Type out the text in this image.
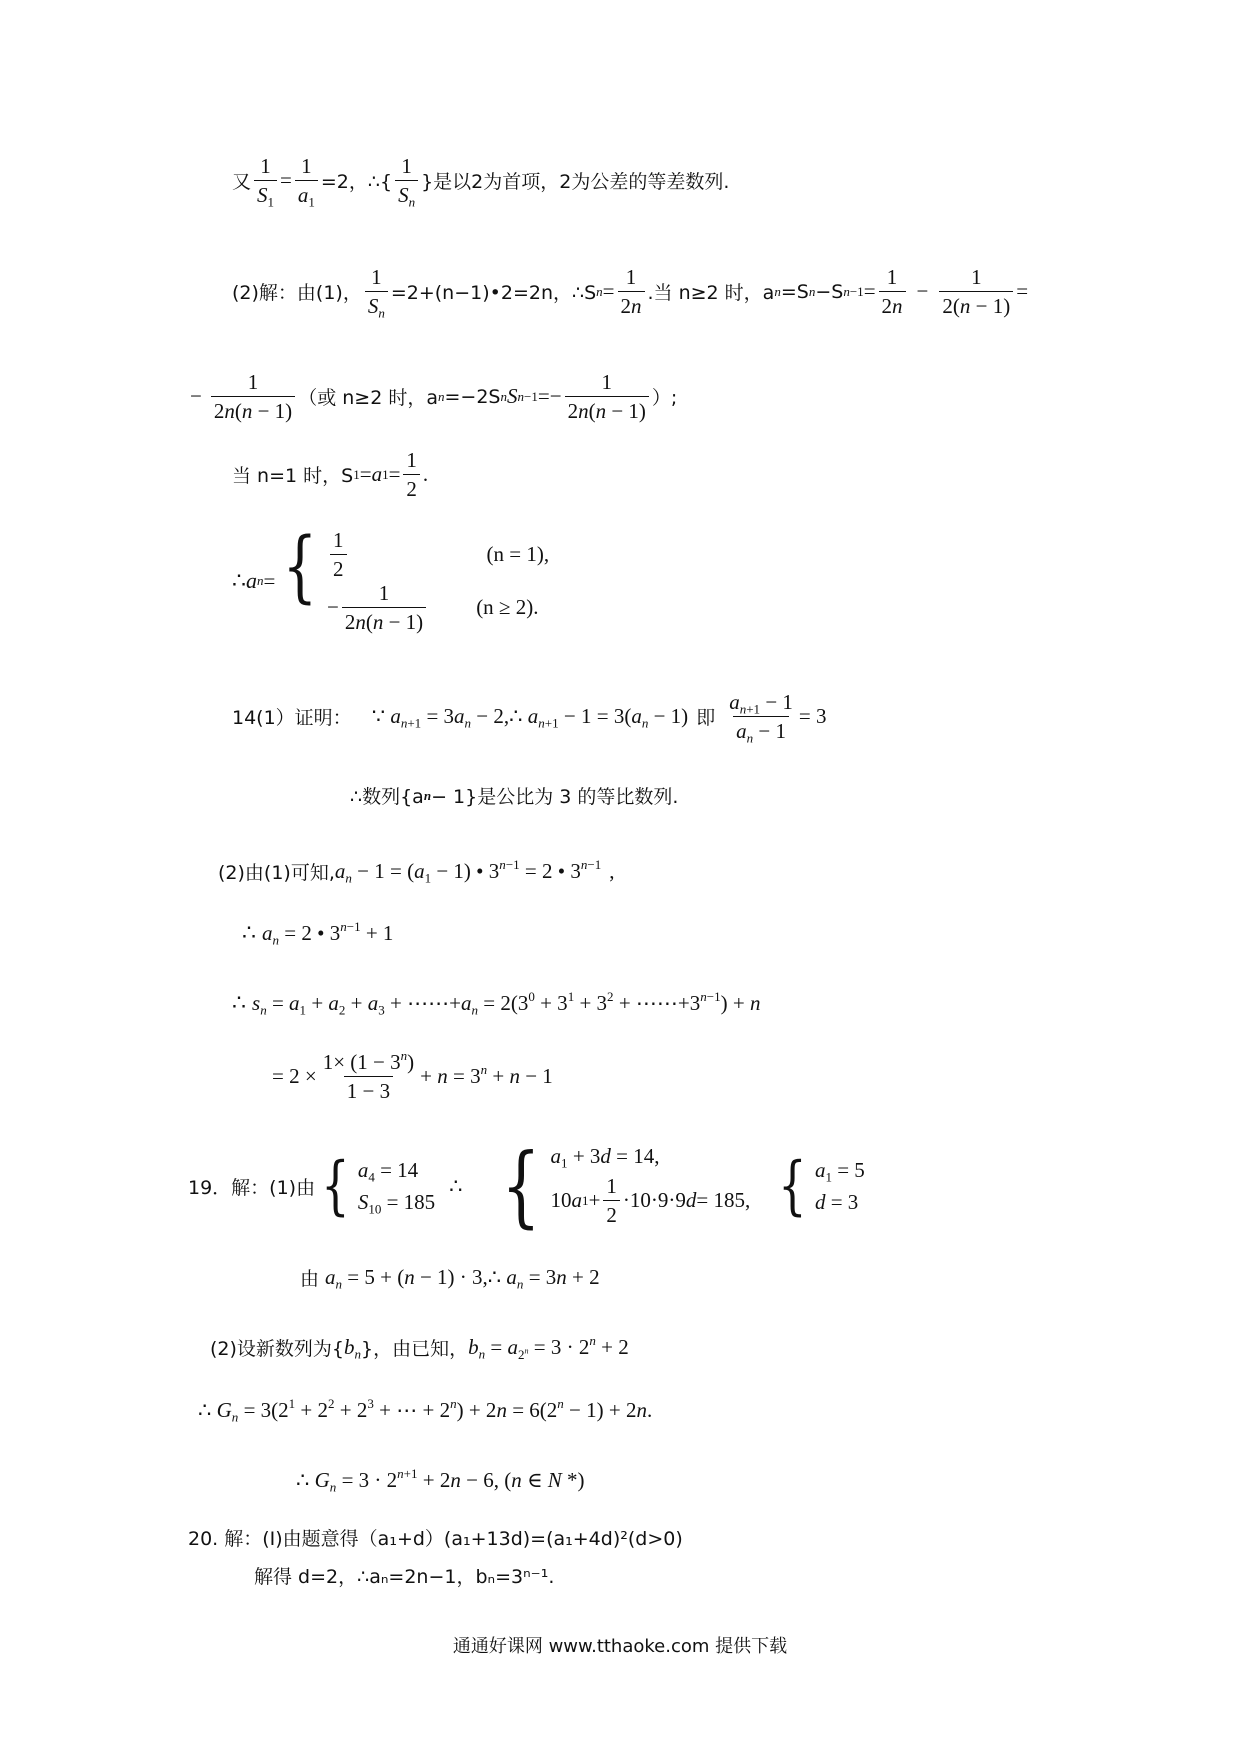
又 $\frac{1}{S_1} = \frac{1}{a_1} =2$，∴{ $\frac{1}{S_n}$ }是以2为首项，2为公差的等差数列.
(2)解：由(1)， $\frac{1}{S_n}$ =2+(n−1)•2=2n，∴S $n = \frac{1}{2n}$ .当 n≥2 时，a n =S n −S $n-1 = \frac{1}{2n} - \frac{1}{2(n - 1)}$ =
− $\frac{1}{2n(n - 1)}$ （或 n≥2 时，a n =−2S n S $n-1 =- \frac{1}{2n(n - 1)}$ ）;
当 n=1 时，S 1 =a $1 = \frac{1}{2}$ .
∴a n = { $\frac{1}{2}$	(n = 1),
− $\frac{1}{2n(n - 1)} (n \ge 2)$.
14(1）证明： ∵ $a_{n+1} = 3a_n$ − 2,∴ $a_{n+1} - 1 = 3(a_n - 1)$ 即 $\frac{a_{n+1} - 1}{a_n - 1} = 3$
∴数列{a n − 1}是公比为 3 的等比数列.
(2)由(1)可知, $a_n - 1 = (a_1 - 1)$ • $3^{n-1} = 2$ • $3^{n-1}$ ,
∴ $a_n = 2$ • $3^{n-1} + 1$
∴ $s_n = a_1 + a_2 + a_3$ + $\cdots\cdots+a_n = 2(3^0 + 3^1 + 3^2$ + $\cdots\cdots+3^{n-1}) + n$
= $2 \times \frac{1\times (1 - 3^n)}{1 - 3} + n = 3^n + n - 1$
19．解：(1)由 { $a_4 = 14$
$S_{10} = 185$
∴ { $a_1 + 3d = 14$,
10 a $1 + \frac{1}{2} \cdot 10\cdot 9\cdot 9$ d = 185, { $a_1 = 5$
d = 3
由 $a_n = 5 + (n - 1)$ · 3,∴ $a_n = 3n + 2$
(2)设新数列为{ $b_n$ }，由已知， $b_n = a_{2^n} = 3 \cdot 2^n + 2$
∴ $G_n = 3(2^1 + 2^2 + 2^3$ + ⋯ + $2^n) + 2n = 6(2^n - 1) + 2n$.
∴ $G_n = 3 \cdot 2^{n+1} + 2n - 6$, (n ∈ N *)
20. 解：(Ⅰ)由题意得（a₁+d）(a₁+13d)=(a₁+4d)²(d>0)
解得 d=2，∴aₙ=2n−1，bₙ=3ⁿ⁻¹.
通通好课网 www.tthaoke.com 提供下载
